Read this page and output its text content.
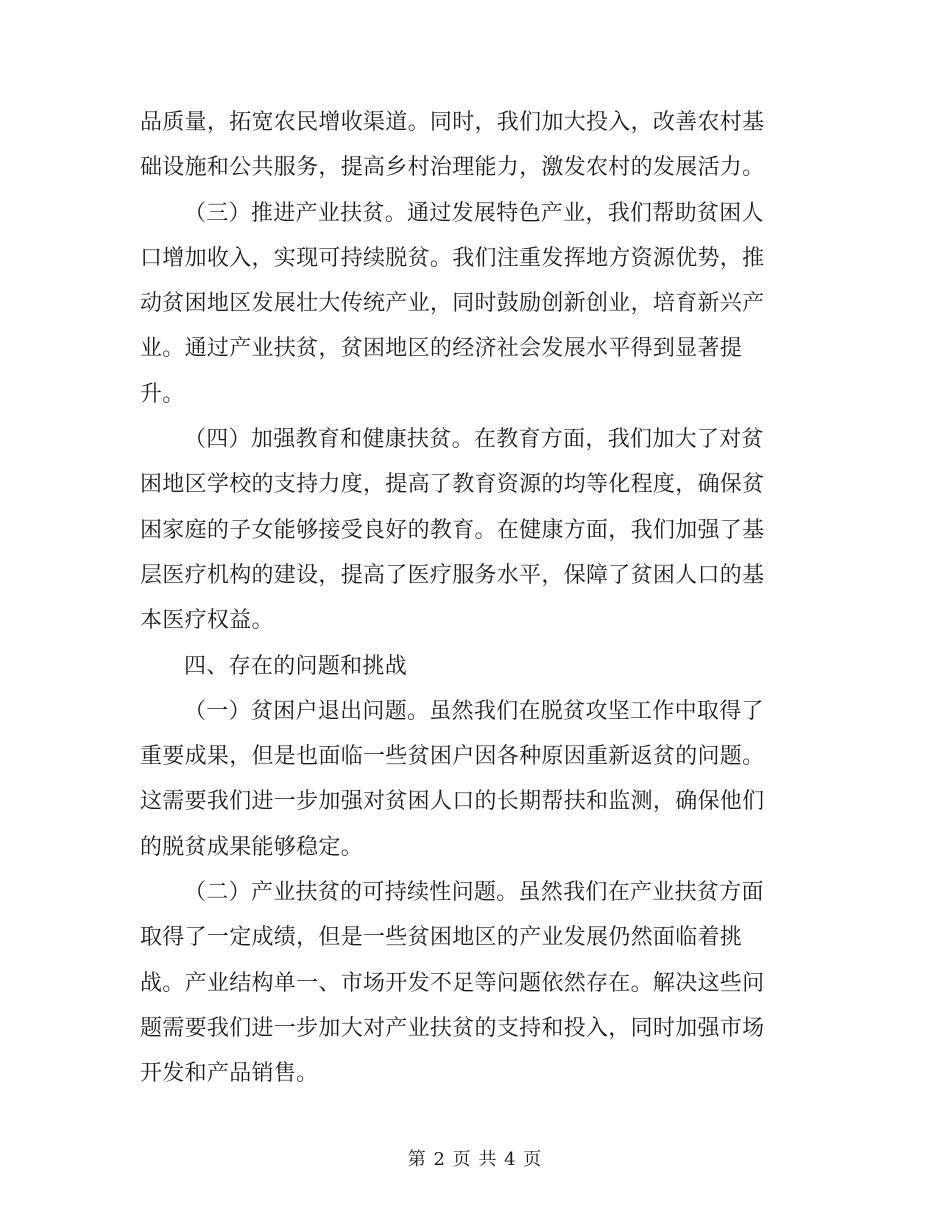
品质量，拓宽农民增收渠道。同时，我们加大投入，改善农村基
础设施和公共服务，提高乡村治理能力，激发农村的发展活力。
（三）推进产业扶贫。通过发展特色产业，我们帮助贫困人
口增加收入，实现可持续脱贫。我们注重发挥地方资源优势，推
动贫困地区发展壮大传统产业，同时鼓励创新创业，培育新兴产
业。通过产业扶贫，贫困地区的经济社会发展水平得到显著提
升。
（四）加强教育和健康扶贫。在教育方面，我们加大了对贫
困地区学校的支持力度，提高了教育资源的均等化程度，确保贫
困家庭的子女能够接受良好的教育。在健康方面，我们加强了基
层医疗机构的建设，提高了医疗服务水平，保障了贫困人口的基
本医疗权益。
四、存在的问题和挑战
（一）贫困户退出问题。虽然我们在脱贫攻坚工作中取得了
重要成果，但是也面临一些贫困户因各种原因重新返贫的问题。
这需要我们进一步加强对贫困人口的长期帮扶和监测，确保他们
的脱贫成果能够稳定。
（二）产业扶贫的可持续性问题。虽然我们在产业扶贫方面
取得了一定成绩，但是一些贫困地区的产业发展仍然面临着挑
战。产业结构单一、市场开发不足等问题依然存在。解决这些问
题需要我们进一步加大对产业扶贫的支持和投入，同时加强市场
开发和产品销售。
第 2 页 共 4 页
